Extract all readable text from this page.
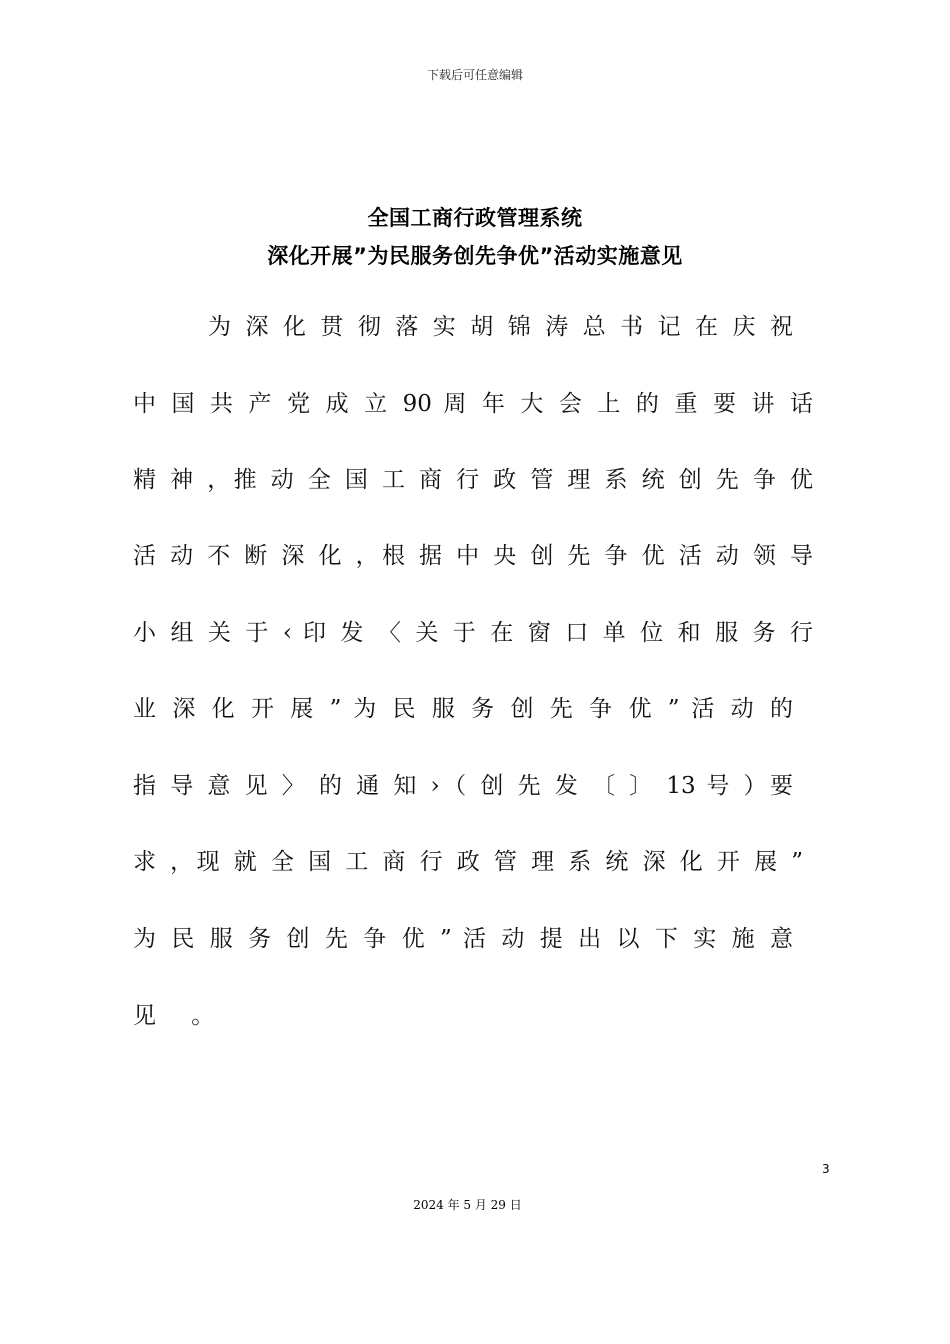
下载后可任意编辑
全国工商行政管理系统
深化开展”为民服务创先争优”活动实施意见
为 深 化 贯 彻 落 实 胡 锦 涛 总 书 记 在 庆 祝
中 国 共 产 党 成 立 90 周 年 大 会 上 的 重 要 讲 话
精 神 ，推 动 全 国 工 商 行 政 管 理 系 统 创 先 争 优
活 动 不 断 深 化 ，根 据 中 央 创 先 争 优 活 动 领 导
小 组 关 于 ‹ 印 发 〈 关 于 在 窗 口 单 位 和 服 务 行
业 深 化 开 展 ” 为 民 服 务 创 先 争 优 ” 活 动 的
指 导 意 见 〉 的 通 知 ›（ 创 先 发 〔 〕 13 号 ）要
求 ，现 就 全 国 工 商 行 政 管 理 系 统 深 化 开 展 ”
为 民 服 务 创 先 争 优 ” 活 动 提 出 以 下 实 施 意
见 。
3
2024 年 5 月 29 日
